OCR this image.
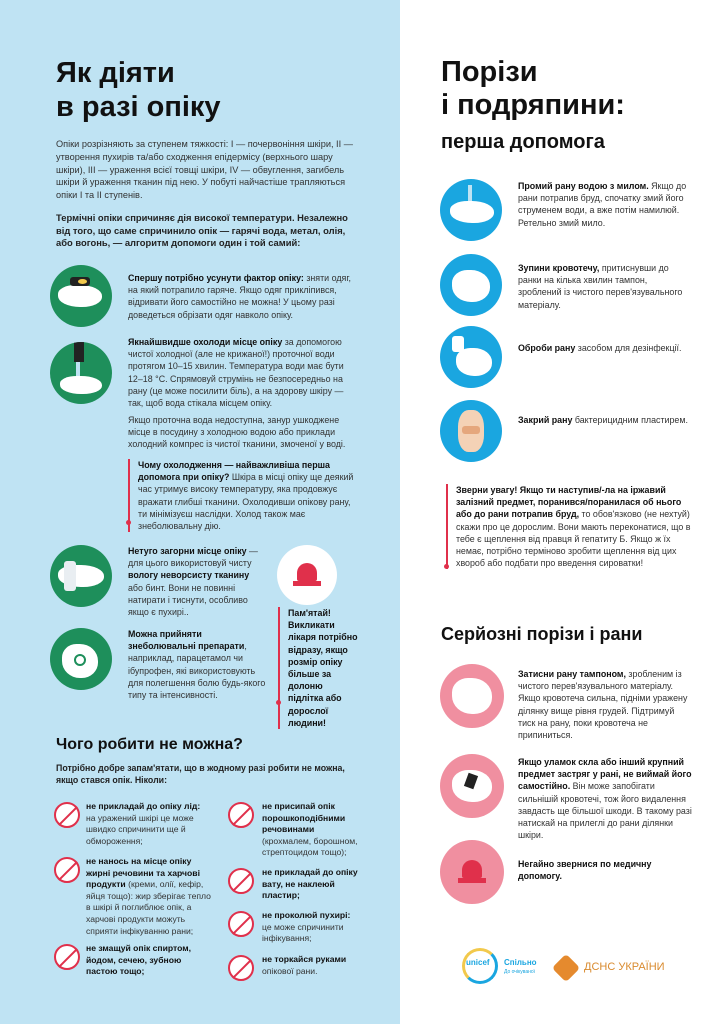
Як діяти
в разі опіку

Опіки розрізняють за ступенем тяжкості: I — почервоніння шкіри, II — утворення пухирів та/або сходження епідермісу (верхнього шару шкіри), III — ураження всієї товщі шкіри, IV — обвуглення, загибель шкіри й ураження тканин під нею. У побуті найчастіше трапляються опіки I та II ступенів.

Термічні опіки спричиняє дія високої температури. Незалежно від того, що саме спричинило опік — гарячі вода, метал, олія, або вогонь, — алгоритм допомоги один і той самий:

Спершу потрібно усунути фактор опіку: зняти одяг, на який потрапило гаряче. Якщо одяг прикліпився, відривати його самостійно не можна! У цьому разі доведеться обрізати одяг навколо опіку.

Якнайшвидше охолоди місце опіку за допомогою чистої холодної (але не крижаної!) проточної води протягом 10–15 хвилин. Температура води має бути 12–18 °С. Спрямовуй струмінь не безпосередньо на рану (це може посилити біль), а на здорову шкіру — так, щоб вода стікала місцем опіку.

Якщо проточна вода недоступна, занур ушкоджене місце в посудину з холодною водою або приклади холодний компрес із чистої тканини, змоченої у воді.

Чому охолодження — найважливіша перша допомога при опіку? Шкіра в місці опіку ще деякий час утримує високу температуру, яка продовжує вражати глибші тканини. Охолодивши опікову рану, ти мінімізуєш наслідки. Холод також має знеболювальну дію.

Нетуго загорни місце опіку — для цього використовуй чисту вологу неворсисту тканину або бинт. Вони не повинні натирати і тиснути, особливо якщо є пухирі..

Можна прийняти знеболювальні препарати, наприклад, парацетамол чи ібупрофен, які використовують для полегшення болю будь-якого типу та інтенсивності.

Пам'ятай! Викликати лікаря потрібно відразу, якщо розмір опіку більше за долоню підлітка або дорослої людини!
Чого робити не можна?

Потрібно добре запам'ятати, що в жодному разі робити не можна, якщо стався опік. Ніколи:

не прикладай до опіку лід: на уражений шкірі це може швидко спричинити ще й обмороження;

не нанось на місце опіку жирні речовини та харчові продукти (креми, олії, кефір, яйця тощо): жир зберігає тепло в шкірі й поглиблює опік, а харчові продукти можуть сприяти інфікуванню рани;

не змащуй опік спиртом, йодом, сечею, зубною пастою тощо;

не присипай опік порошкоподібними речовинами (крохмалем, борошном, стрептоцидом тощо);

не прикладай до опіку вату, не наклеюй пластир;

не проколюй пухирі: це може спричинити інфікування;

не торкайся руками опікової рани.

Порізи
і подряпини:
перша допомога

Промий рану водою з милом. Якщо до рани потрапив бруд, спочатку змий його струменем води, а вже потім намилюй. Ретельно змий мило.

Зупини кровотечу, притиснувши до ранки на кілька хвилин тампон, зроблений із чистого перев'язувального матеріалу.

Оброби рану засобом для дезінфекції.

Закрий рану бактерицидним пластирем.

Зверни увагу! Якщо ти наступив/-ла на іржавий залізний предмет, поранився/поранилася об нього або до рани потрапив бруд, то обов'язково (не нехтуй) скажи про це дорослим. Вони мають переконатися, що в тебе є щеплення від правця й гепатиту Б. Якщо ж їх немає, потрібно терміново зробити щеплення від цих хвороб або подбати про введення сироватки!
Серйозні порізи і рани

Затисни рану тампоном, зробленим із чистого перев'язувального матеріалу. Якщо кровотеча сильна, підніми уражену ділянку вище рівня грудей. Підтримуй тиск на рану, поки кровотеча не припиниться.

Якщо уламок скла або інший крупний предмет застряг у рані, не виймай його самостійно. Він може запобігати сильнішій кровотечі, тож його видалення завдасть ще більшої шкоди. В такому разі натискай на прилеглі до рани ділянки шкіри.

Негайно звернися по медичну допомогу.

unicef Спільно
До очікуваної	ДСНС УКРАЇНИ
